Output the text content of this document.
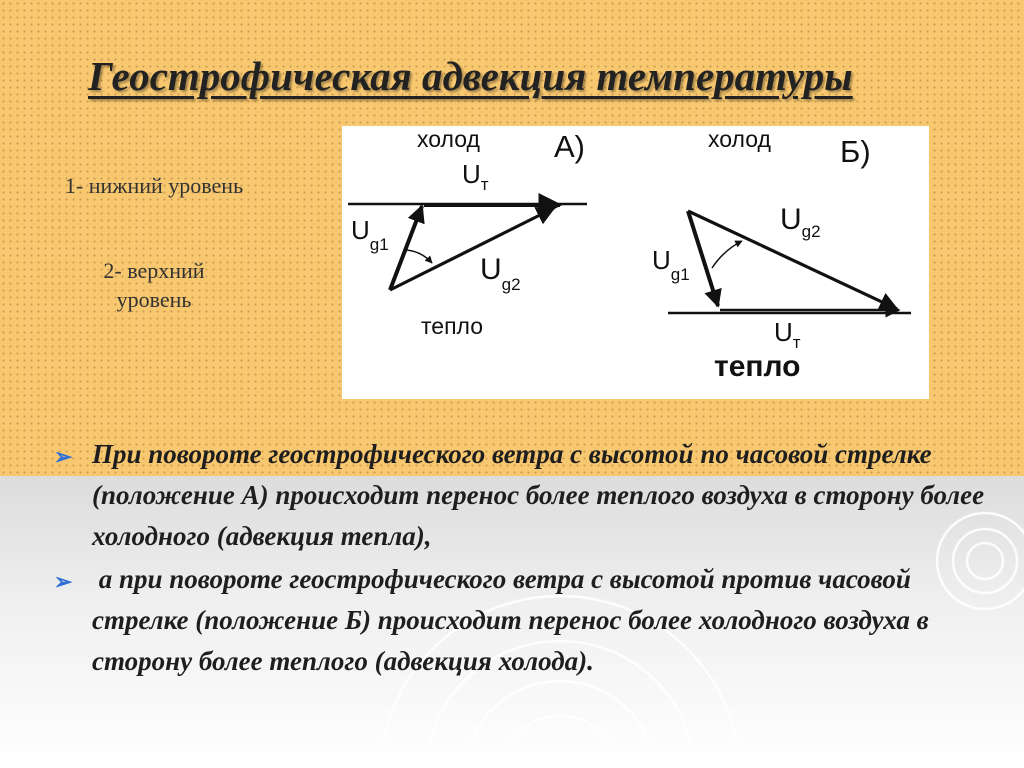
Геострофическая адвекция температуры
1- нижний уровень
2- верхний уровень
холод А)
$U_т$
$U_{g1}$
$U_{g2}$
тепло
холод Б)
$U_т$
$U_{g1}$
$U_{g2}$
тепло
➢ При повороте геострофического ветра с высотой по часовой стрелке (положение А) происходит перенос более теплого воздуха в сторону более холодного (адвекция тепла),
➢ а при повороте геострофического ветра с высотой против часовой стрелке (положение Б) происходит перенос более холодного воздуха в сторону более теплого (адвекция холода).
